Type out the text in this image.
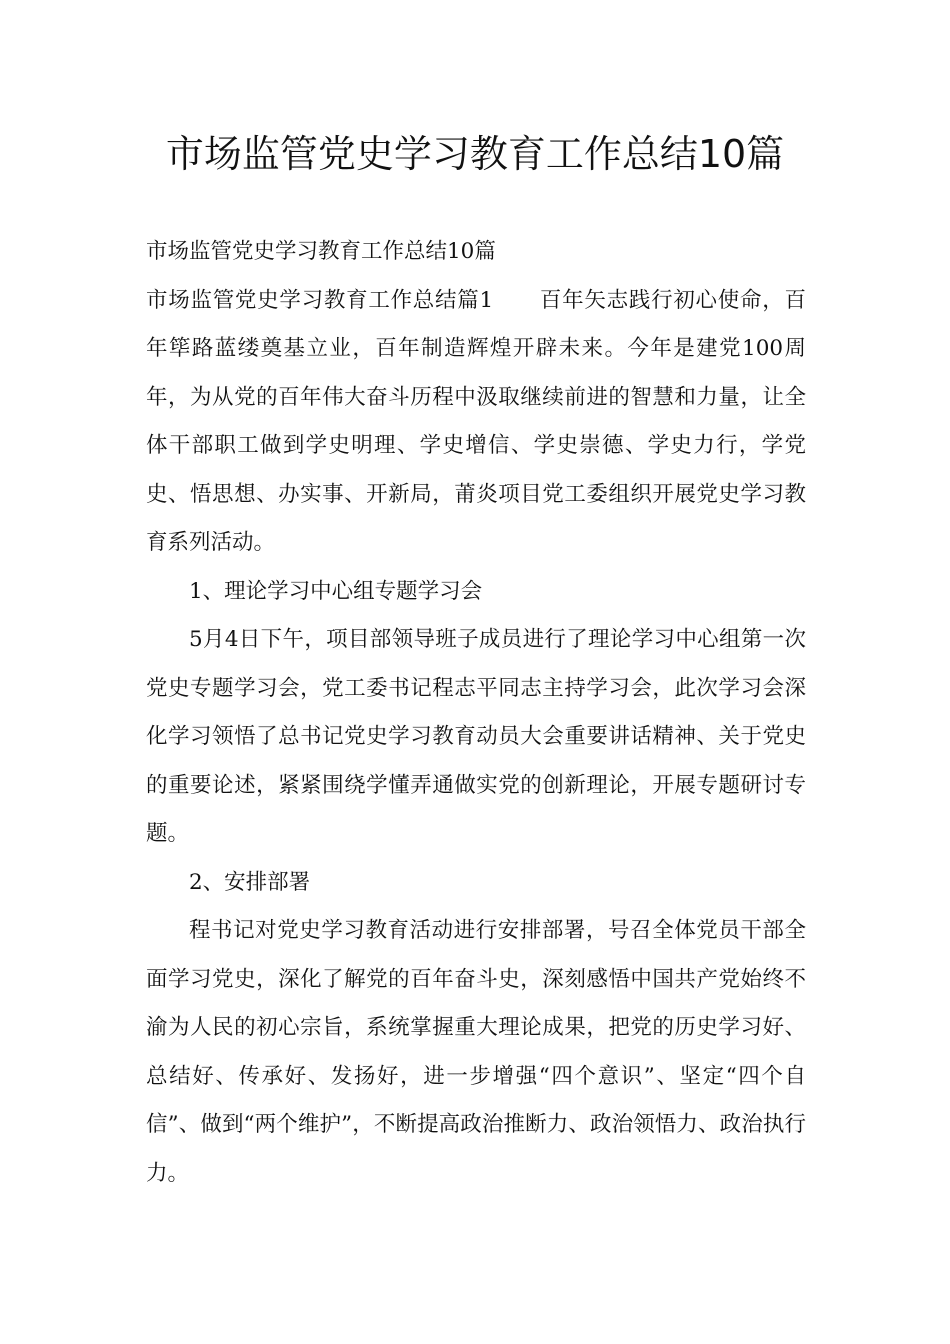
市场监管党史学习教育工作总结10篇

市场监管党史学习教育工作总结10篇

市场监管党史学习教育工作总结篇1 百年矢志践行初心使命，百年筚路蓝缕奠基立业，百年制造辉煌开辟未来。今年是建党100周年，为从党的百年伟大奋斗历程中汲取继续前进的智慧和力量，让全体干部职工做到学史明理、学史增信、学史崇德、学史力行，学党史、悟思想、办实事、开新局，莆炎项目党工委组织开展党史学习教育系列活动。

1、理论学习中心组专题学习会

5月4日下午，项目部领导班子成员进行了理论学习中心组第一次党史专题学习会，党工委书记程志平同志主持学习会，此次学习会深化学习领悟了总书记党史学习教育动员大会重要讲话精神、关于党史的重要论述，紧紧围绕学懂弄通做实党的创新理论，开展专题研讨专题。

2、安排部署

程书记对党史学习教育活动进行安排部署，号召全体党员干部全面学习党史，深化了解党的百年奋斗史，深刻感悟中国共产党始终不渝为人民的初心宗旨，系统掌握重大理论成果，把党的历史学习好、总结好、传承好、发扬好，进一步增强“四个意识”、坚定“四个自信”、做到“两个维护”，不断提高政治推断力、政治领悟力、政治执行力。
